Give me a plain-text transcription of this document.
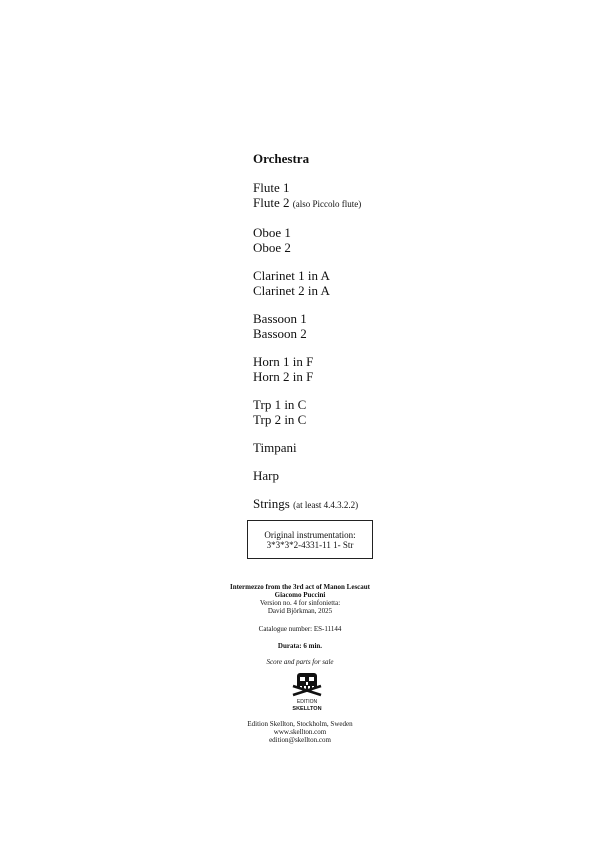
Orchestra
Flute 1
Flute 2 (also Piccolo flute)
Oboe 1
Oboe 2
Clarinet 1 in A
Clarinet 2 in A
Bassoon 1
Bassoon 2
Horn 1 in F
Horn 2 in F
Trp 1 in C
Trp 2 in C
Timpani
Harp
Strings (at least 4.4.3.2.2)
Original instrumentation:
3*3*3*2-4331-11 1- Str
Intermezzo from the 3rd act of Manon Lescaut
Giacomo Puccini
Version no. 4 for sinfonietta:
David Björkman, 2025
Catalogue number: ES-11144
Durata: 6 min.
Score and parts for sale
EDITION
SKELLTON
Edition Skellton, Stockholm, Sweden
www.skellton.com
edition@skellton.com
